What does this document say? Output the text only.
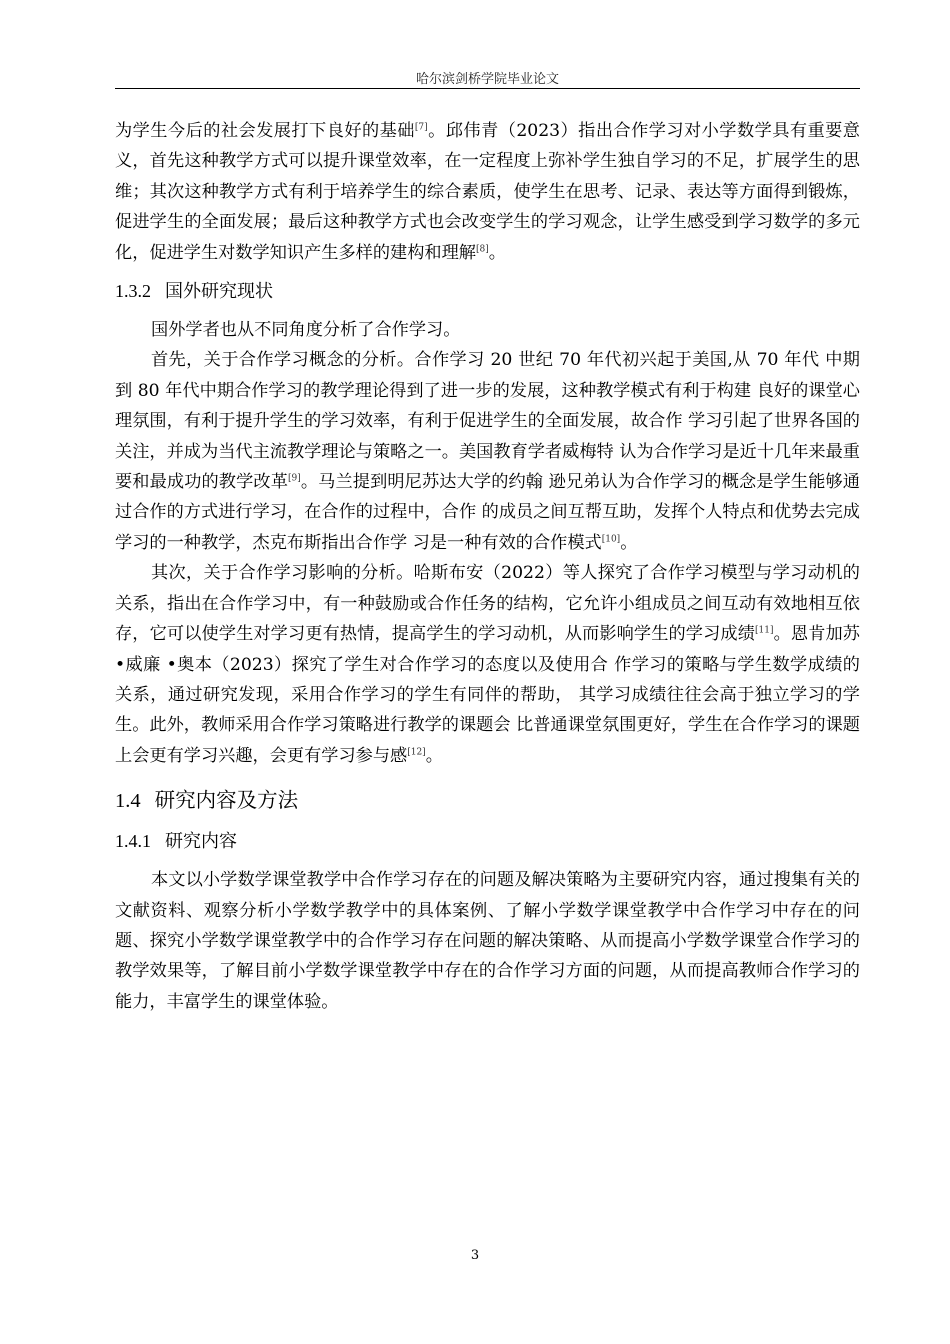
哈尔滨剑桥学院毕业论文

为学生今后的社会发展打下良好的基础[7]。邱伟青（2023）指出合作学习对小学数学具有重要意义，首先这种教学方式可以提升课堂效率，在一定程度上弥补学生独自学习的不足，扩展学生的思维；其次这种教学方式有利于培养学生的综合素质，使学生在思考、记录、表达等方面得到锻炼，促进学生的全面发展；最后这种教学方式也会改变学生的学习观念，让学生感受到学习数学的多元化，促进学生对数学知识产生多样的建构和理解[8]。

1.3.2 国外研究现状

国外学者也从不同角度分析了合作学习。

首先，关于合作学习概念的分析。合作学习 20 世纪 70 年代初兴起于美国,从 70 年代 中期到 80 年代中期合作学习的教学理论得到了进一步的发展，这种教学模式有利于构建 良好的课堂心理氛围，有利于提升学生的学习效率，有利于促进学生的全面发展，故合作 学习引起了世界各国的关注，并成为当代主流教学理论与策略之一。美国教育学者威梅特 认为合作学习是近十几年来最重要和最成功的教学改革[9]。马兰提到明尼苏达大学的约翰 逊兄弟认为合作学习的概念是学生能够通过合作的方式进行学习，在合作的过程中，合作 的成员之间互帮互助，发挥个人特点和优势去完成学习的一种教学，杰克布斯指出合作学 习是一种有效的合作模式[10]。

其次，关于合作学习影响的分析。哈斯布安（2022）等人探究了合作学习模型与学习动机的关系，指出在合作学习中，有一种鼓励或合作任务的结构，它允许小组成员之间互动有效地相互依存，它可以使学生对学习更有热情，提高学生的学习动机，从而影响学生的学习成绩[11]。恩肯加苏 •威廉 •奥本（2023）探究了学生对合作学习的态度以及使用合 作学习的策略与学生数学成绩的关系，通过研究发现，采用合作学习的学生有同伴的帮助， 其学习成绩往往会高于独立学习的学生。此外，教师采用合作学习策略进行教学的课题会 比普通课堂氛围更好，学生在合作学习的课题上会更有学习兴趣，会更有学习参与感[12]。

1.4 研究内容及方法
1.4.1 研究内容

本文以小学数学课堂教学中合作学习存在的问题及解决策略为主要研究内容，通过搜集有关的文献资料、观察分析小学数学教学中的具体案例、了解小学数学课堂教学中合作学习中存在的问题、探究小学数学课堂教学中的合作学习存在问题的解决策略、从而提高小学数学课堂合作学习的教学效果等，了解目前小学数学课堂教学中存在的合作学习方面的问题，从而提高教师合作学习的能力，丰富学生的课堂体验。

3
